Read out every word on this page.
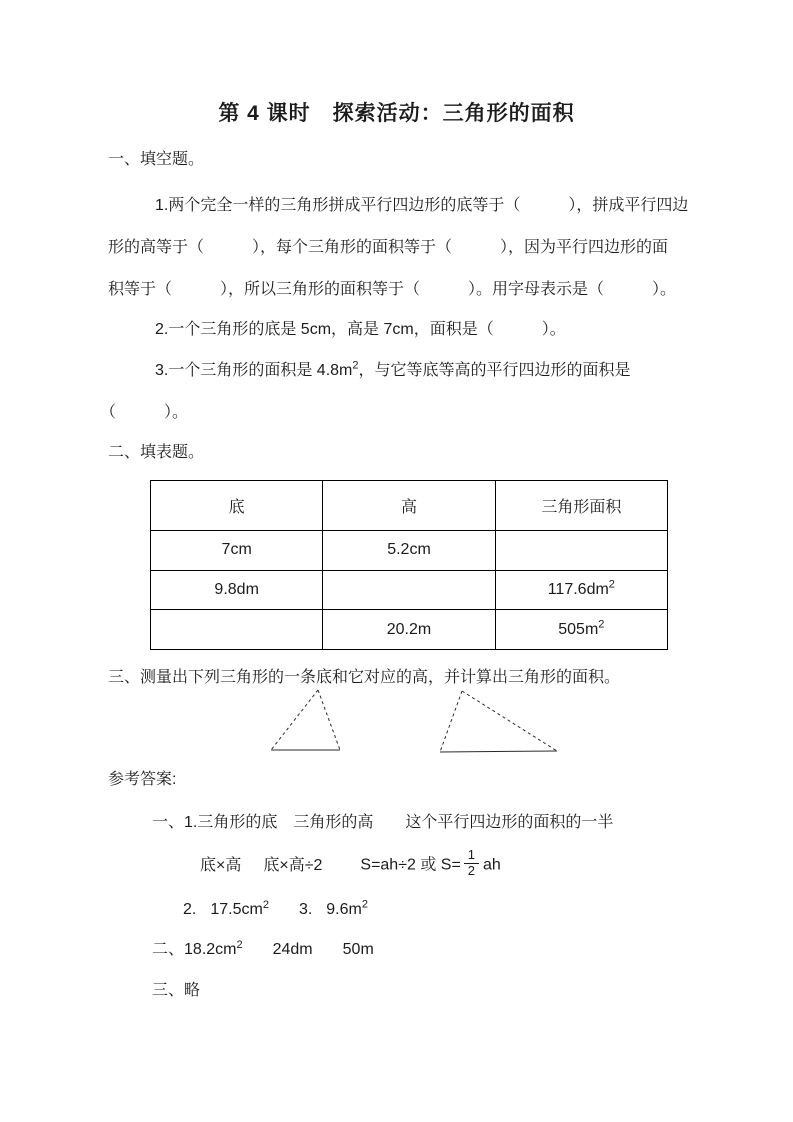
第 4 课时　探索活动：三角形的面积
一、填空题。
1.两个完全一样的三角形拼成平行四边形的底等于（　　　），拼成平行四边
形的高等于（　　　），每个三角形的面积等于（　　　），因为平行四边形的面
积等于（　　　），所以三角形的面积等于（　　　）。用字母表示是（　　　）。
2.一个三角形的底是 5cm，高是 7cm，面积是（　　　）。
3.一个三角形的面积是 $4.8m^2$，与它等底等高的平行四边形的面积是
（　　　）。
二、填表题。
底	高	三角形面积
7cm	5.2cm	
9.8dm		$117.6dm^2$
	20.2m	$505m^2$
三、测量出下列三角形的一条底和它对应的高，并计算出三角形的面积。
参考答案:
一、1.三角形的底　三角形的高　　这个平行四边形的面积的一半
底×高 底×高÷2 S=ah÷2 或 $S= \frac{1}{2}$ ah
2. $17.5cm^2$ 3. $9.6m^2$
二、$18.2cm^2$ 24dm 50m
三、略
